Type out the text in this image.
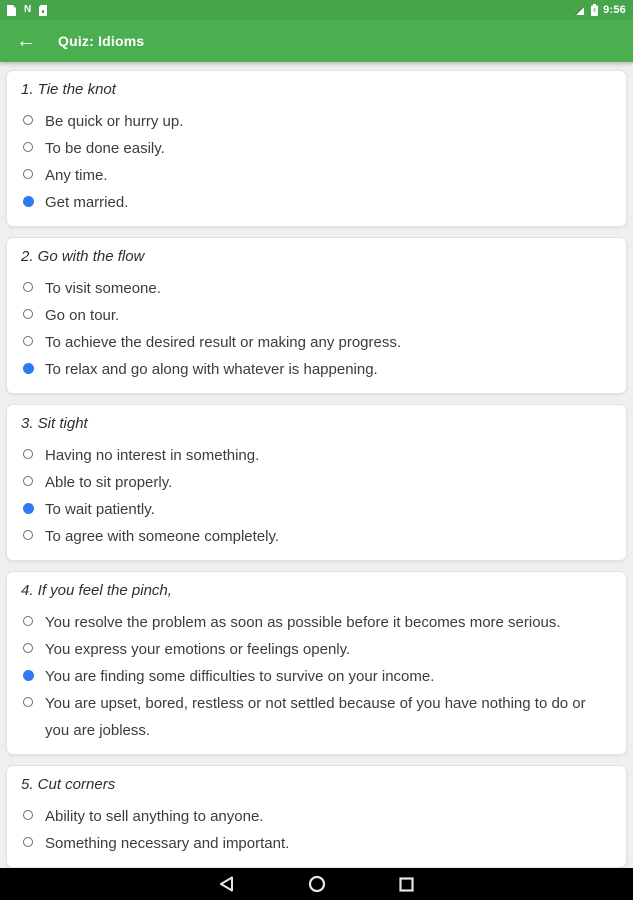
N	9:56
← Quiz: Idioms
1. Tie the knot
Be quick or hurry up.
To be done easily.
Any time.
Get married.
2. Go with the flow
To visit someone.
Go on tour.
To achieve the desired result or making any progress.
To relax and go along with whatever is happening.
3. Sit tight
Having no interest in something.
Able to sit properly.
To wait patiently.
To agree with someone completely.
4. If you feel the pinch,
You resolve the problem as soon as possible before it becomes more serious.
You express your emotions or feelings openly.
You are finding some difficulties to survive on your income.
You are upset, bored, restless or not settled because of you have nothing to do or you are jobless.
5. Cut corners
Ability to sell anything to anyone.
Something necessary and important.
